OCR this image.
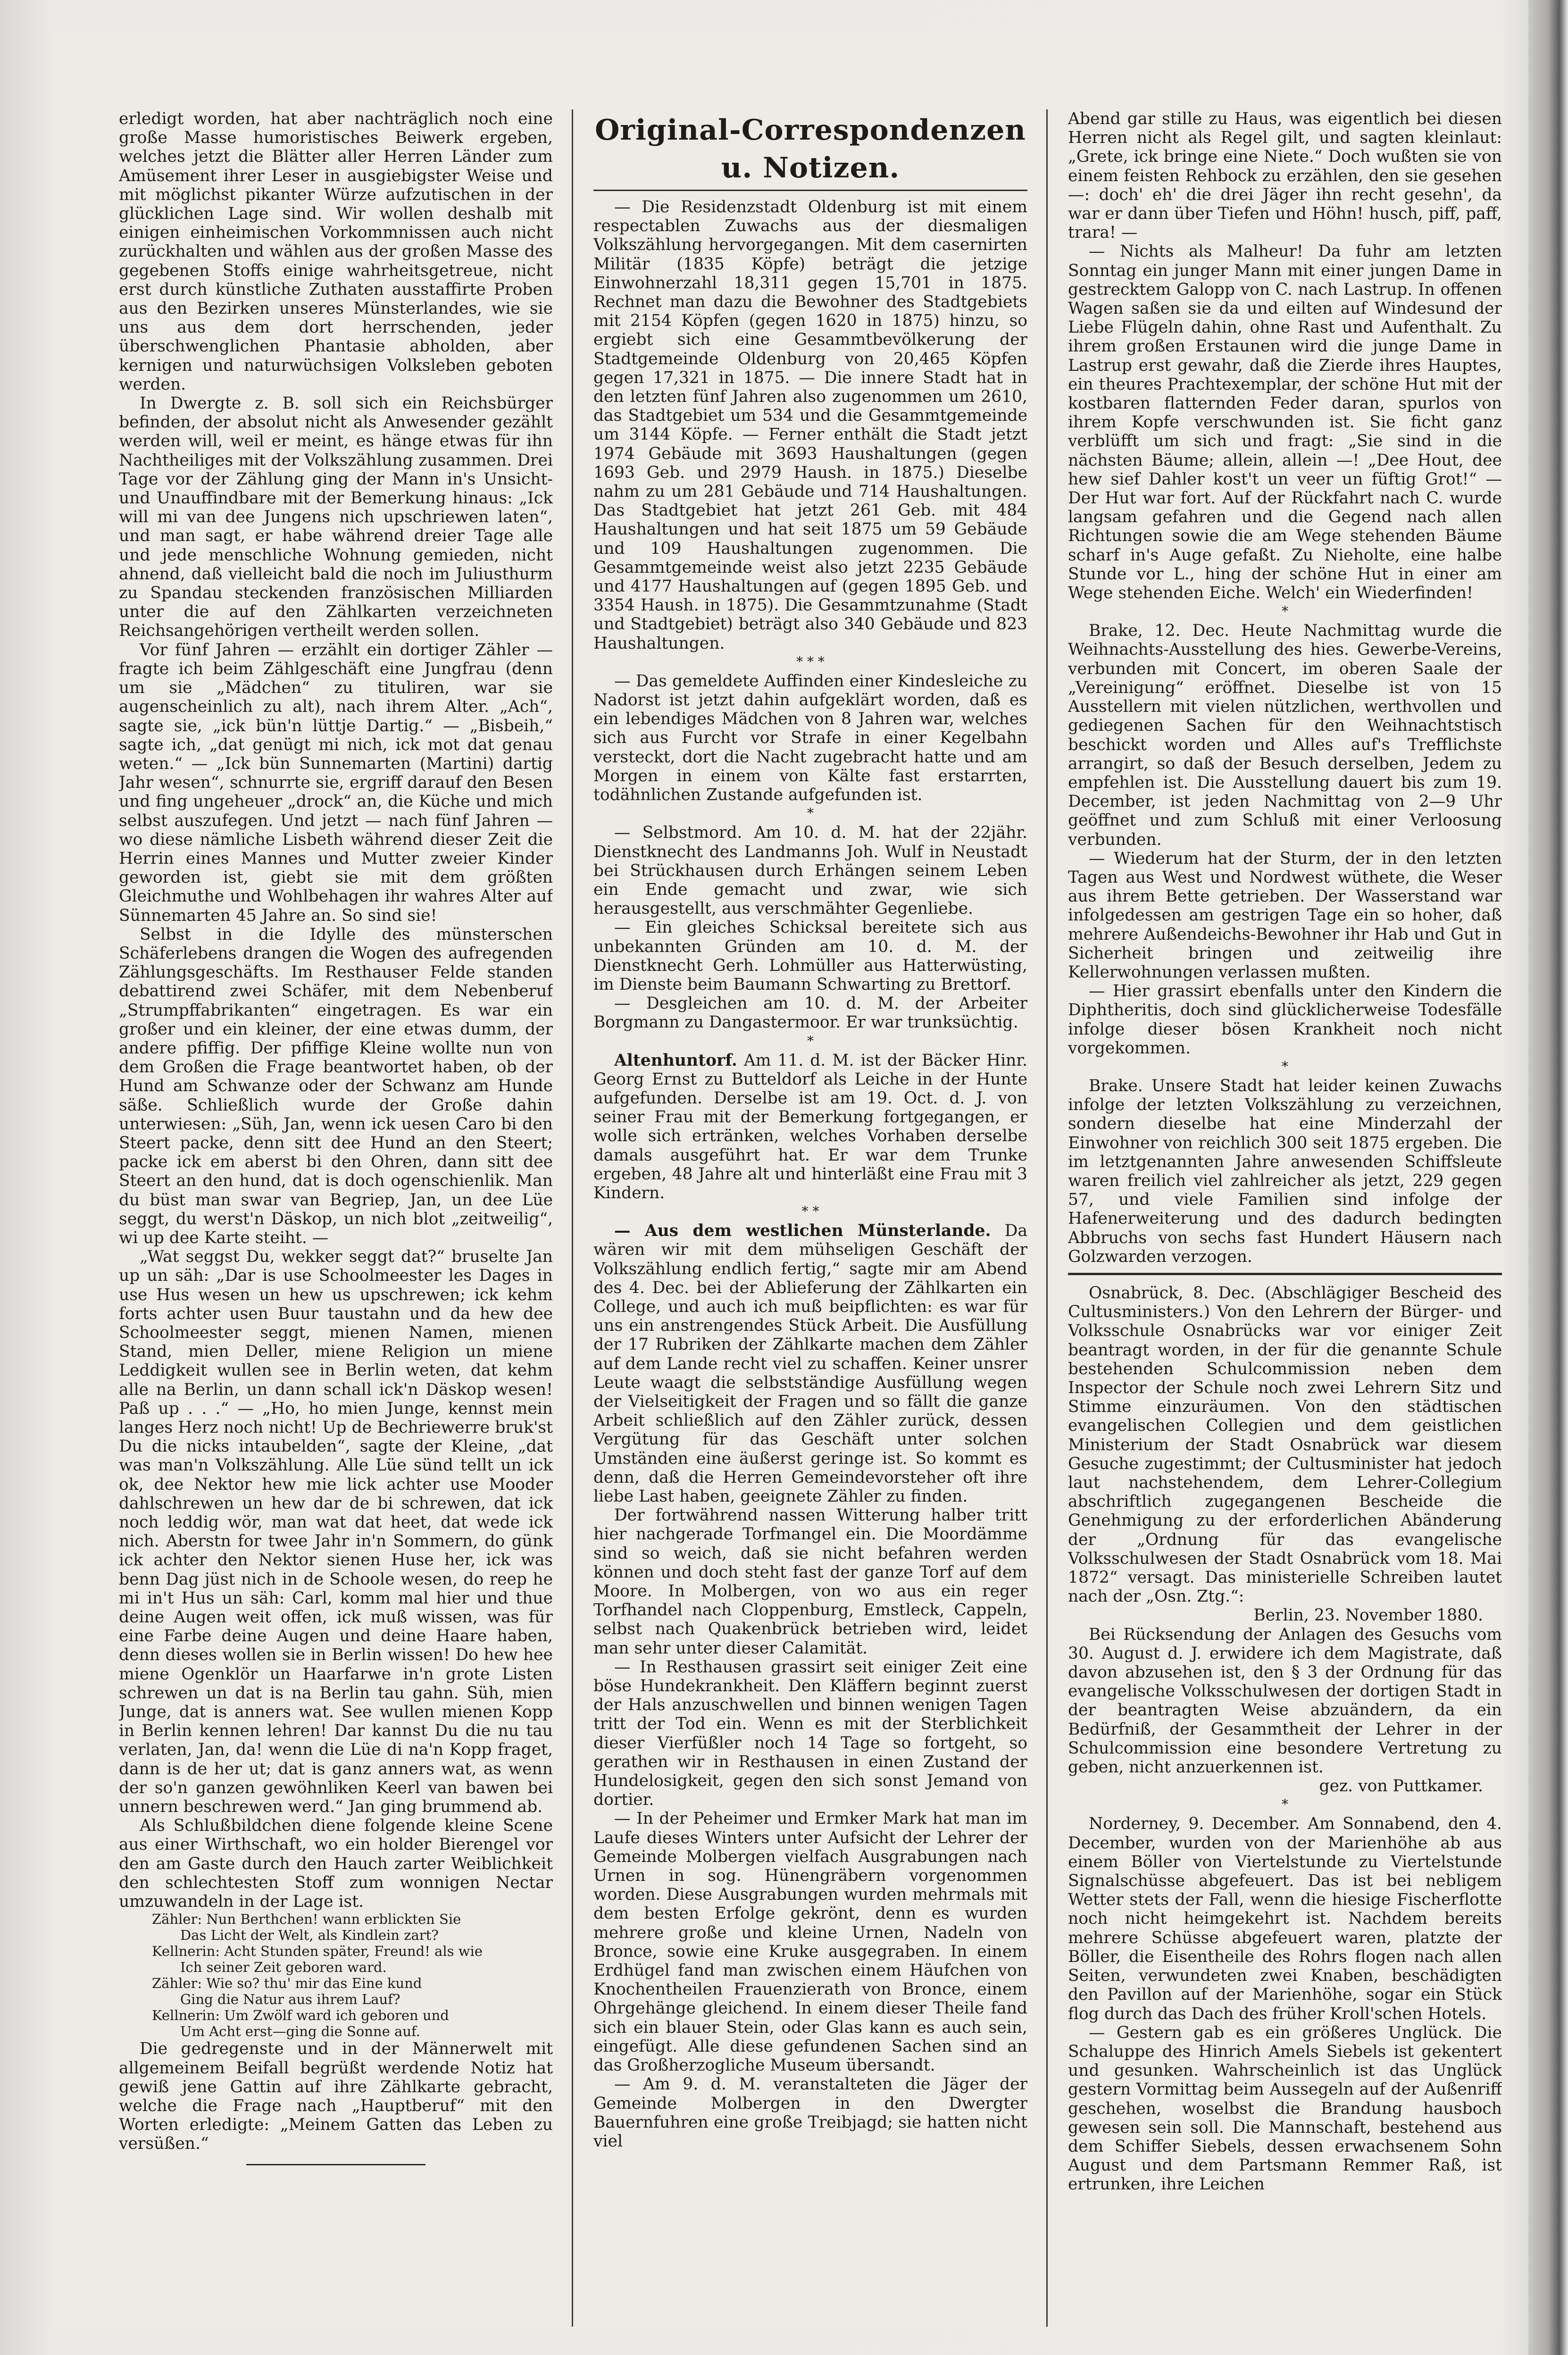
erledigt worden, hat aber nachträglich noch eine große Masse humoristisches Beiwerk ergeben, welches jetzt die Blätter aller Herren Länder zum Amüsement ihrer Leser in ausgiebigster Weise und mit möglichst pikanter Würze aufzutischen in der glücklichen Lage sind. Wir wollen deshalb mit einigen einheimischen Vorkommnissen auch nicht zurückhalten und wählen aus der großen Masse des gegebenen Stoffs einige wahrheitsgetreue, nicht erst durch künstliche Zuthaten ausstaffirte Proben aus den Bezirken unseres Münsterlandes, wie sie uns aus dem dort herrschenden, jeder überschwenglichen Phantasie abholden, aber kernigen und naturwüchsigen Volksleben geboten werden.

In Dwergte z. B. soll sich ein Reichsbürger befinden, der absolut nicht als Anwesender gezählt werden will, weil er meint, es hänge etwas für ihn Nachtheiliges mit der Volkszählung zusammen. Drei Tage vor der Zählung ging der Mann in's Unsicht- und Unauffindbare mit der Bemerkung hinaus: „Ick will mi van dee Jungens nich upschriewen laten“, und man sagt, er habe während dreier Tage alle und jede menschliche Wohnung gemieden, nicht ahnend, daß vielleicht bald die noch im Juliusthurm zu Spandau steckenden französischen Milliarden unter die auf den Zählkarten verzeichneten Reichsangehörigen vertheilt werden sollen.

Vor fünf Jahren — erzählt ein dortiger Zähler — fragte ich beim Zählgeschäft eine Jungfrau (denn um sie „Mädchen“ zu tituliren, war sie augenscheinlich zu alt), nach ihrem Alter. „Ach“, sagte sie, „ick bün'n lüttje Dartig.“ — „Bisbeih,“ sagte ich, „dat genügt mi nich, ick mot dat genau weten.“ — „Ick bün Sunnemarten (Martini) dartig Jahr wesen“, schnurrte sie, ergriff darauf den Besen und fing ungeheuer „drock“ an, die Küche und mich selbst auszufegen. Und jetzt — nach fünf Jahren — wo diese nämliche Lisbeth während dieser Zeit die Herrin eines Mannes und Mutter zweier Kinder geworden ist, giebt sie mit dem größten Gleichmuthe und Wohlbehagen ihr wahres Alter auf Sünnemarten 45 Jahre an. So sind sie!

Selbst in die Idylle des münsterschen Schäferlebens drangen die Wogen des aufregenden Zählungsgeschäfts. Im Resthauser Felde standen debattirend zwei Schäfer, mit dem Nebenberuf „Strumpffabrikanten“ eingetragen. Es war ein großer und ein kleiner, der eine etwas dumm, der andere pfiffig. Der pfiffige Kleine wollte nun von dem Großen die Frage beantwortet haben, ob der Hund am Schwanze oder der Schwanz am Hunde säße. Schließlich wurde der Große dahin unterwiesen: „Süh, Jan, wenn ick uesen Caro bi den Steert packe, denn sitt dee Hund an den Steert; packe ick em aberst bi den Ohren, dann sitt dee Steert an den hund, dat is doch ogenschienlik. Man du büst man swar van Begriep, Jan, un dee Lüe seggt, du werst'n Däskop, un nich blot „zeitweilig“, wi up dee Karte steiht. —

„Wat seggst Du, wekker seggt dat?“ bruselte Jan up un säh: „Dar is use Schoolmeester les Dages in use Hus wesen un hew us upschrewen; ick kehm forts achter usen Buur taustahn und da hew dee Schoolmeester seggt, mienen Namen, mienen Stand, mien Deller, miene Religion un miene Leddigkeit wullen see in Berlin weten, dat kehm alle na Berlin, un dann schall ick'n Däskop wesen! Paß up . . .“ — „Ho, ho mien Junge, kennst mein langes Herz noch nicht! Up de Bechriewerre bruk'st Du die nicks intaubelden“, sagte der Kleine, „dat was man'n Volkszählung. Alle Lüe sünd tellt un ick ok, dee Nektor hew mie lick achter use Mooder dahlschrewen un hew dar de bi schrewen, dat ick noch leddig wör, man wat dat heet, dat wede ick nich. Aberstn for twee Jahr in'n Sommern, do günk ick achter den Nektor sienen Huse her, ick was benn Dag jüst nich in de Schoole wesen, do reep he mi in't Hus un säh: Carl, komm mal hier und thue deine Augen weit offen, ick muß wissen, was für eine Farbe deine Augen und deine Haare haben, denn dieses wollen sie in Berlin wissen! Do hew hee miene Ogenklör un Haarfarwe in'n grote Listen schrewen un dat is na Berlin tau gahn. Süh, mien Junge, dat is anners wat. See wullen mienen Kopp in Berlin kennen lehren! Dar kannst Du die nu tau verlaten, Jan, da! wenn die Lüe di na'n Kopp fraget, dann is de her ut; dat is ganz anners wat, as wenn der so'n ganzen gewöhnliken Keerl van bawen bei unnern beschrewen werd.“ Jan ging brummend ab.

Als Schlußbildchen diene folgende kleine Scene aus einer Wirthschaft, wo ein holder Bierengel vor den am Gaste durch den Hauch zarter Weiblichkeit den schlechtesten Stoff zum wonnigen Nectar umzuwandeln in der Lage ist.

Zähler: Nun Berthchen! wann erblickten Sie

Das Licht der Welt, als Kindlein zart?

Kellnerin: Acht Stunden später, Freund! als wie

Ich seiner Zeit geboren ward.

Zähler: Wie so? thu' mir das Eine kund

Ging die Natur aus ihrem Lauf?

Kellnerin: Um Zwölf ward ich geboren und

Um Acht erst—ging die Sonne auf.

Die gedregenste und in der Männerwelt mit allgemeinem Beifall begrüßt werdende Notiz hat gewiß jene Gattin auf ihre Zählkarte gebracht, welche die Frage nach „Hauptberuf“ mit den Worten erledigte: „Meinem Gatten das Leben zu versüßen.“

Original-Correspondenzen u. Notizen.

— Die Residenzstadt Oldenburg ist mit einem respectablen Zuwachs aus der diesmaligen Volkszählung hervorgegangen. Mit dem casernirten Militär (1835 Köpfe) beträgt die jetzige Einwohnerzahl 18,311 gegen 15,701 in 1875. Rechnet man dazu die Bewohner des Stadtgebiets mit 2154 Köpfen (gegen 1620 in 1875) hinzu, so ergiebt sich eine Gesammtbevölkerung der Stadtgemeinde Oldenburg von 20,465 Köpfen gegen 17,321 in 1875. — Die innere Stadt hat in den letzten fünf Jahren also zugenommen um 2610, das Stadtgebiet um 534 und die Gesammtgemeinde um 3144 Köpfe. — Ferner enthält die Stadt jetzt 1974 Gebäude mit 3693 Haushaltungen (gegen 1693 Geb. und 2979 Haush. in 1875.) Dieselbe nahm zu um 281 Gebäude und 714 Haushaltungen. Das Stadtgebiet hat jetzt 261 Geb. mit 484 Haushaltungen und hat seit 1875 um 59 Gebäude und 109 Haushaltungen zugenommen. Die Gesammtgemeinde weist also jetzt 2235 Gebäude und 4177 Haushaltungen auf (gegen 1895 Geb. und 3354 Haush. in 1875). Die Gesammtzunahme (Stadt und Stadtgebiet) beträgt also 340 Gebäude und 823 Haushaltungen.

* * *

— Das gemeldete Auffinden einer Kindesleiche zu Nadorst ist jetzt dahin aufgeklärt worden, daß es ein lebendiges Mädchen von 8 Jahren war, welches sich aus Furcht vor Strafe in einer Kegelbahn versteckt, dort die Nacht zugebracht hatte und am Morgen in einem von Kälte fast erstarrten, todähnlichen Zustande aufgefunden ist.

*

— Selbstmord. Am 10. d. M. hat der 22jähr. Dienstknecht des Landmanns Joh. Wulf in Neustadt bei Strückhausen durch Erhängen seinem Leben ein Ende gemacht und zwar, wie sich herausgestellt, aus verschmähter Gegenliebe.

— Ein gleiches Schicksal bereitete sich aus unbekannten Gründen am 10. d. M. der Dienstknecht Gerh. Lohmüller aus Hatterwüsting, im Dienste beim Baumann Schwarting zu Brettorf.

— Desgleichen am 10. d. M. der Arbeiter Borgmann zu Dangastermoor. Er war trunksüchtig.

*

Altenhuntorf. Am 11. d. M. ist der Bäcker Hinr. Georg Ernst zu Butteldorf als Leiche in der Hunte aufgefunden. Derselbe ist am 19. Oct. d. J. von seiner Frau mit der Bemerkung fortgegangen, er wolle sich ertränken, welches Vorhaben derselbe damals ausgeführt hat. Er war dem Trunke ergeben, 48 Jahre alt und hinterläßt eine Frau mit 3 Kindern.

* *

— Aus dem westlichen Münsterlande. Da wären wir mit dem mühseligen Geschäft der Volkszählung endlich fertig,“ sagte mir am Abend des 4. Dec. bei der Ablieferung der Zählkarten ein College, und auch ich muß beipflichten: es war für uns ein anstrengendes Stück Arbeit. Die Ausfüllung der 17 Rubriken der Zählkarte machen dem Zähler auf dem Lande recht viel zu schaffen. Keiner unsrer Leute waagt die selbstständige Ausfüllung wegen der Vielseitigkeit der Fragen und so fällt die ganze Arbeit schließlich auf den Zähler zurück, dessen Vergütung für das Geschäft unter solchen Umständen eine äußerst geringe ist. So kommt es denn, daß die Herren Gemeindevorsteher oft ihre liebe Last haben, geeignete Zähler zu finden.

Der fortwährend nassen Witterung halber tritt hier nachgerade Torfmangel ein. Die Moordämme sind so weich, daß sie nicht befahren werden können und doch steht fast der ganze Torf auf dem Moore. In Molbergen, von wo aus ein reger Torfhandel nach Cloppenburg, Emstleck, Cappeln, selbst nach Quakenbrück betrieben wird, leidet man sehr unter dieser Calamität.

— In Resthausen grassirt seit einiger Zeit eine böse Hundekrankheit. Den Kläffern beginnt zuerst der Hals anzuschwellen und binnen wenigen Tagen tritt der Tod ein. Wenn es mit der Sterblichkeit dieser Vierfüßler noch 14 Tage so fortgeht, so gerathen wir in Resthausen in einen Zustand der Hundelosigkeit, gegen den sich sonst Jemand von dortier.

— In der Peheimer und Ermker Mark hat man im Laufe dieses Winters unter Aufsicht der Lehrer der Gemeinde Molbergen vielfach Ausgrabungen nach Urnen in sog. Hünengräbern vorgenommen worden. Diese Ausgrabungen wurden mehrmals mit dem besten Erfolge gekrönt, denn es wurden mehrere große und kleine Urnen, Nadeln von Bronce, sowie eine Kruke ausgegraben. In einem Erdhügel fand man zwischen einem Häufchen von Knochentheilen Frauenzierath von Bronce, einem Ohrgehänge gleichend. In einem dieser Theile fand sich ein blauer Stein, oder Glas kann es auch sein, eingefügt. Alle diese gefundenen Sachen sind an das Großherzogliche Museum übersandt.

— Am 9. d. M. veranstalteten die Jäger der Gemeinde Molbergen in den Dwergter Bauernfuhren eine große Treibjagd; sie hatten nicht viel

Abend gar stille zu Haus, was eigentlich bei diesen Herren nicht als Regel gilt, und sagten kleinlaut: „Grete, ick bringe eine Niete.“ Doch wußten sie von einem feisten Rehbock zu erzählen, den sie gesehen —: doch' eh' die drei Jäger ihn recht gesehn', da war er dann über Tiefen und Höhn! husch, piff, paff, trara! —

— Nichts als Malheur! Da fuhr am letzten Sonntag ein junger Mann mit einer jungen Dame in gestrecktem Galopp von C. nach Lastrup. In offenen Wagen saßen sie da und eilten auf Windesund der Liebe Flügeln dahin, ohne Rast und Aufenthalt. Zu ihrem großen Erstaunen wird die junge Dame in Lastrup erst gewahr, daß die Zierde ihres Hauptes, ein theures Prachtexemplar, der schöne Hut mit der kostbaren flatternden Feder daran, spurlos von ihrem Kopfe verschwunden ist. Sie ficht ganz verblüfft um sich und fragt: „Sie sind in die nächsten Bäume; allein, allein —! „Dee Hout, dee hew sief Dahler kost't un veer un füftig Grot!“ — Der Hut war fort. Auf der Rückfahrt nach C. wurde langsam gefahren und die Gegend nach allen Richtungen sowie die am Wege stehenden Bäume scharf in's Auge gefaßt. Zu Nieholte, eine halbe Stunde vor L., hing der schöne Hut in einer am Wege stehenden Eiche. Welch' ein Wiederfinden!

*

Brake, 12. Dec. Heute Nachmittag wurde die Weihnachts-Ausstellung des hies. Gewerbe-Vereins, verbunden mit Concert, im oberen Saale der „Vereinigung“ eröffnet. Dieselbe ist von 15 Ausstellern mit vielen nützlichen, werthvollen und gediegenen Sachen für den Weihnachtstisch beschickt worden und Alles auf's Trefflichste arrangirt, so daß der Besuch derselben, Jedem zu empfehlen ist. Die Ausstellung dauert bis zum 19. December, ist jeden Nachmittag von 2—9 Uhr geöffnet und zum Schluß mit einer Verloosung verbunden.

— Wiederum hat der Sturm, der in den letzten Tagen aus West und Nordwest wüthete, die Weser aus ihrem Bette getrieben. Der Wasserstand war infolgedessen am gestrigen Tage ein so hoher, daß mehrere Außendeichs-Bewohner ihr Hab und Gut in Sicherheit bringen und zeitweilig ihre Kellerwohnungen verlassen mußten.

— Hier grassirt ebenfalls unter den Kindern die Diphtheritis, doch sind glücklicherweise Todesfälle infolge dieser bösen Krankheit noch nicht vorgekommen.

*

Brake. Unsere Stadt hat leider keinen Zuwachs infolge der letzten Volkszählung zu verzeichnen, sondern dieselbe hat eine Minderzahl der Einwohner von reichlich 300 seit 1875 ergeben. Die im letztgenannten Jahre anwesenden Schiffsleute waren freilich viel zahlreicher als jetzt, 229 gegen 57, und viele Familien sind infolge der Hafenerweiterung und des dadurch bedingten Abbruchs von sechs fast Hundert Häusern nach Golzwarden verzogen.

Osnabrück, 8. Dec. (Abschlägiger Bescheid des Cultusministers.) Von den Lehrern der Bürger- und Volksschule Osnabrücks war vor einiger Zeit beantragt worden, in der für die genannte Schule bestehenden Schulcommission neben dem Inspector der Schule noch zwei Lehrern Sitz und Stimme einzuräumen. Von den städtischen evangelischen Collegien und dem geistlichen Ministerium der Stadt Osnabrück war diesem Gesuche zugestimmt; der Cultusminister hat jedoch laut nachstehendem, dem Lehrer-Collegium abschriftlich zugegangenen Bescheide die Genehmigung zu der erforderlichen Abänderung der „Ordnung für das evangelische Volksschulwesen der Stadt Osnabrück vom 18. Mai 1872“ versagt. Das ministerielle Schreiben lautet nach der „Osn. Ztg.“:

Berlin, 23. November 1880.

Bei Rücksendung der Anlagen des Gesuchs vom 30. August d. J. erwidere ich dem Magistrate, daß davon abzusehen ist, den § 3 der Ordnung für das evangelische Volksschulwesen der dortigen Stadt in der beantragten Weise abzuändern, da ein Bedürfniß, der Gesammtheit der Lehrer in der Schulcommission eine besondere Vertretung zu geben, nicht anzuerkennen ist.

gez. von Puttkamer.

*

Norderney, 9. December. Am Sonnabend, den 4. December, wurden von der Marienhöhe ab aus einem Böller von Viertelstunde zu Viertelstunde Signalschüsse abgefeuert. Das ist bei nebligem Wetter stets der Fall, wenn die hiesige Fischerflotte noch nicht heimgekehrt ist. Nachdem bereits mehrere Schüsse abgefeuert waren, platzte der Böller, die Eisentheile des Rohrs flogen nach allen Seiten, verwundeten zwei Knaben, beschädigten den Pavillon auf der Marienhöhe, sogar ein Stück flog durch das Dach des früher Kroll'schen Hotels.

— Gestern gab es ein größeres Unglück. Die Schaluppe des Hinrich Amels Siebels ist gekentert und gesunken. Wahrscheinlich ist das Unglück gestern Vormittag beim Aussegeln auf der Außenriff geschehen, woselbst die Brandung hausboch gewesen sein soll. Die Mannschaft, bestehend aus dem Schiffer Siebels, dessen erwachsenem Sohn August und dem Partsmann Remmer Raß, ist ertrunken, ihre Leichen
